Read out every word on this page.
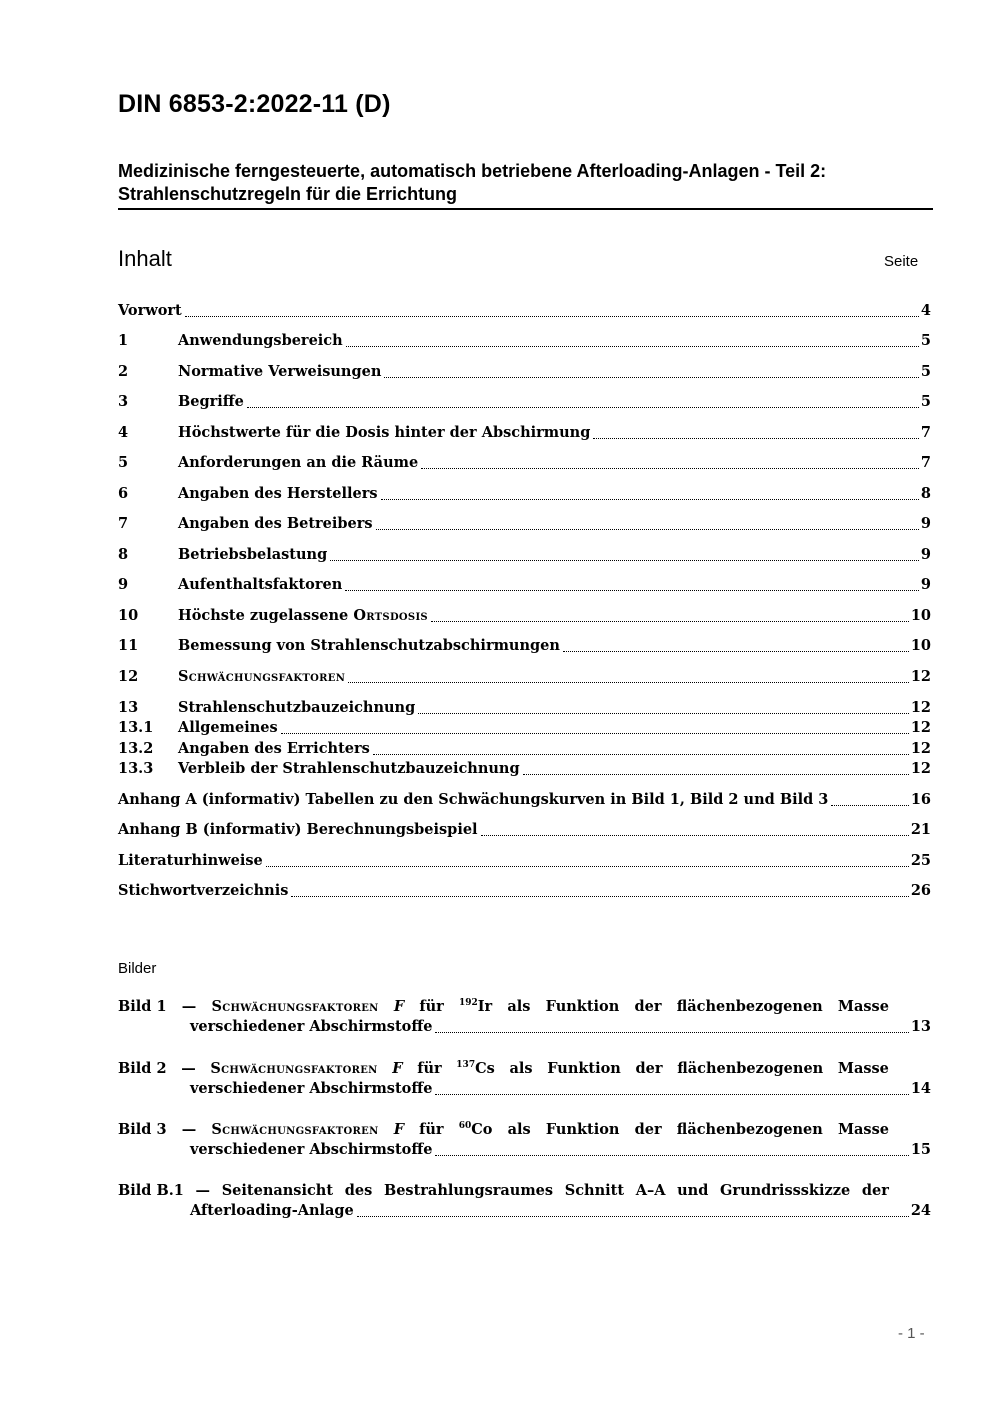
DIN 6853-2:2022-11 (D)
Medizinische ferngesteuerte, automatisch betriebene Afterloading-Anlagen - Teil 2:
Strahlenschutzregeln für die Errichtung
Inhalt	Seite
Vorwort	4
1	Anwendungsbereich	5
2	Normative Verweisungen	5
3	Begriffe	5
4	Höchstwerte für die Dosis hinter der Abschirmung	7
5	Anforderungen an die Räume	7
6	Angaben des Herstellers	8
7	Angaben des Betreibers	9
8	Betriebsbelastung	9
9	Aufenthaltsfaktoren	9
10	Höchste zugelassene Ortsdosis	10
11	Bemessung von Strahlenschutzabschirmungen	10
12	Schwächungsfaktoren	12
13	Strahlenschutzbauzeichnung	12
13.1	Allgemeines	12
13.2	Angaben des Errichters	12
13.3	Verbleib der Strahlenschutzbauzeichnung	12
Anhang A (informativ) Tabellen zu den Schwächungskurven in Bild 1, Bild 2 und Bild 3	16
Anhang B (informativ) Berechnungsbeispiel	21
Literaturhinweise	25
Stichwortverzeichnis	26
Bilder
Bild 1 — Schwächungsfaktoren F für $^{192}$Ir als Funktion der flächenbezogenen Masse
verschiedener Abschirmstoffe	13
Bild 2 — Schwächungsfaktoren F für $^{137}$Cs als Funktion der flächenbezogenen Masse
verschiedener Abschirmstoffe	14
Bild 3 — Schwächungsfaktoren F für $^{60}$Co als Funktion der flächenbezogenen Masse
verschiedener Abschirmstoffe	15
Bild B.1 — Seitenansicht des Bestrahlungsraumes Schnitt A–A und Grundrissskizze der
Afterloading-Anlage	24
- 1 -
